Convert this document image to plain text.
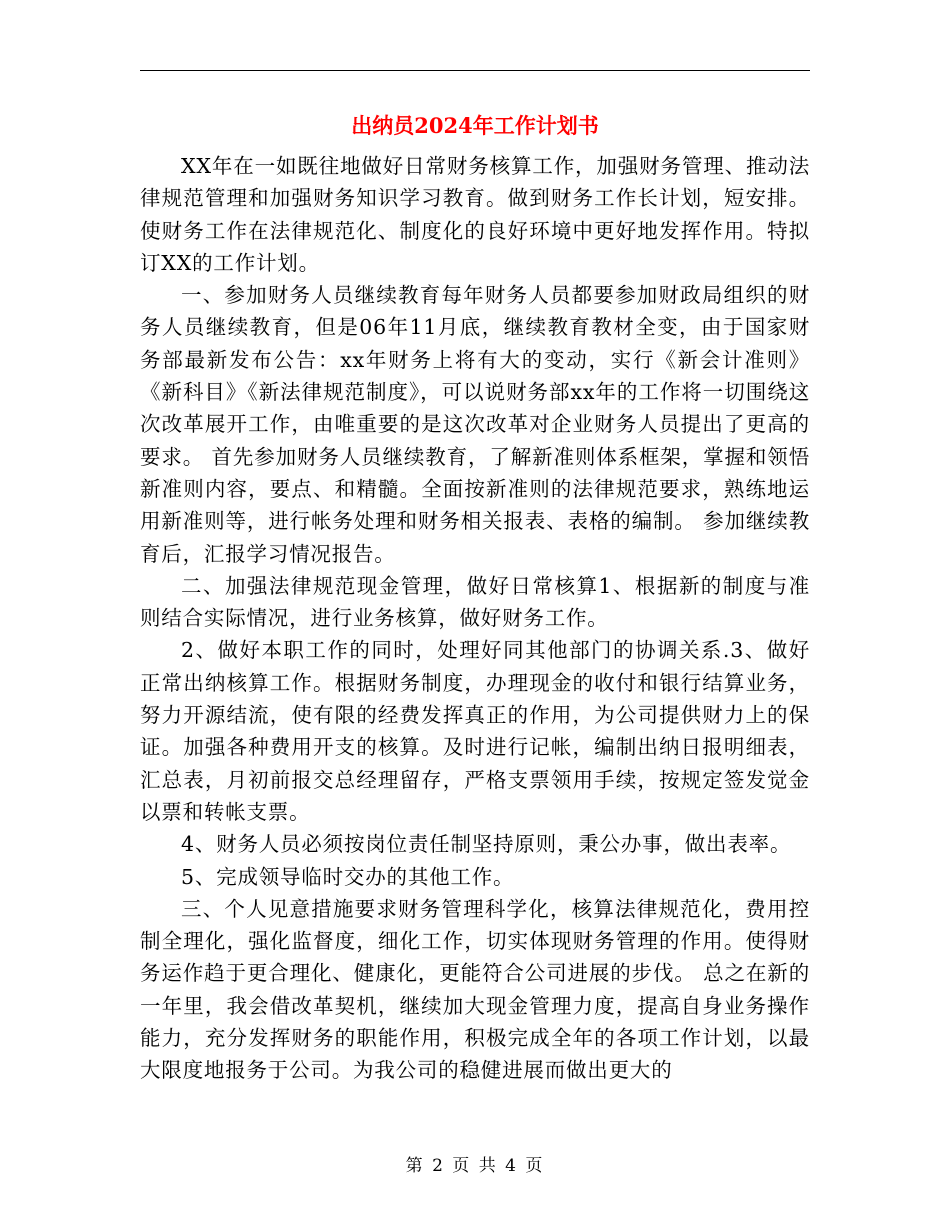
出纳员2024年工作计划书

XX年在一如既往地做好日常财务核算工作，加强财务管理、推动法律规范管理和加强财务知识学习教育。做到财务工作长计划，短安排。使财务工作在法律规范化、制度化的良好环境中更好地发挥作用。特拟订XX的工作计划。

一、参加财务人员继续教育每年财务人员都要参加财政局组织的财务人员继续教育，但是06年11月底，继续教育教材全变，由于国家财务部最新发布公告：xx年财务上将有大的变动，实行《新会计准则》《新科目》《新法律规范制度》，可以说财务部xx年的工作将一切围绕这次改革展开工作，由唯重要的是这次改革对企业财务人员提出了更高的要求。 首先参加财务人员继续教育，了解新准则体系框架，掌握和领悟新准则内容，要点、和精髓。全面按新准则的法律规范要求，熟练地运用新准则等，进行帐务处理和财务相关报表、表格的编制。 参加继续教育后，汇报学习情况报告。

二、加强法律规范现金管理，做好日常核算1、根据新的制度与准则结合实际情况，进行业务核算，做好财务工作。

2、做好本职工作的同时，处理好同其他部门的协调关系.3、做好正常出纳核算工作。根据财务制度，办理现金的收付和银行结算业务，努力开源结流，使有限的经费发挥真正的作用，为公司提供财力上的保证。加强各种费用开支的核算。及时进行记帐，编制出纳日报明细表，汇总表，月初前报交总经理留存，严格支票领用手续，按规定签发觉金以票和转帐支票。

4、财务人员必须按岗位责任制坚持原则，秉公办事，做出表率。

5、完成领导临时交办的其他工作。

三、个人见意措施要求财务管理科学化，核算法律规范化，费用控制全理化，强化监督度，细化工作，切实体现财务管理的作用。使得财务运作趋于更合理化、健康化，更能符合公司进展的步伐。 总之在新的一年里，我会借改革契机，继续加大现金管理力度，提高自身业务操作能力，充分发挥财务的职能作用，积极完成全年的各项工作计划，以最大限度地报务于公司。为我公司的稳健进展而做出更大的

第 2 页 共 4 页
